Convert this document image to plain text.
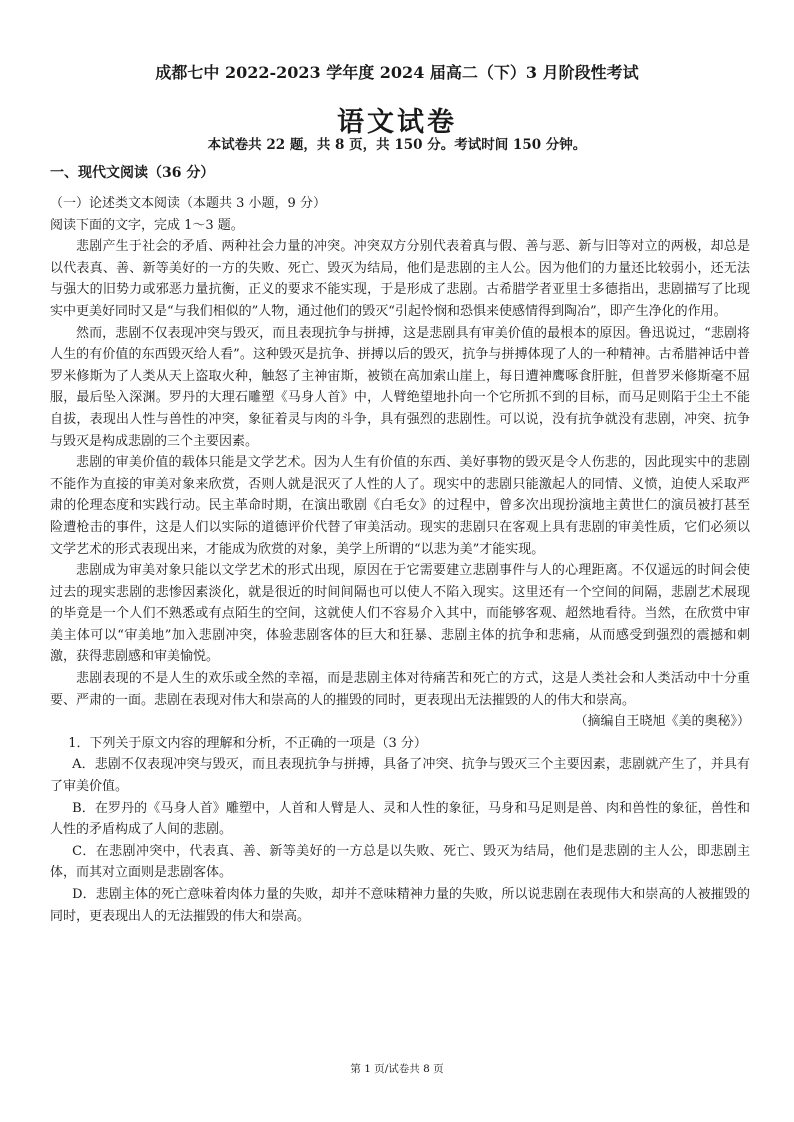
成都七中 2022-2023 学年度 2024 届高二（下）3 月阶段性考试
语文试卷
本试卷共 22 题，共 8 页，共 150 分。考试时间 150 分钟。
一、现代文阅读（36 分）

（一）论述类文本阅读（本题共 3 小题，9 分）

阅读下面的文字，完成 1～3 题。

悲剧产生于社会的矛盾、两种社会力量的冲突。冲突双方分别代表着真与假、善与恶、新与旧等对立的两极，却总是以代表真、善、新等美好的一方的失败、死亡、毁灭为结局，他们是悲剧的主人公。因为他们的力量还比较弱小，还无法与强大的旧势力或邪恶力量抗衡，正义的要求不能实现，于是形成了悲剧。古希腊学者亚里士多德指出，悲剧描写了比现实中更美好同时又是“与我们相似的”人物，通过他们的毁灭“引起怜悯和恐惧来使感情得到陶冶”，即产生净化的作用。

然而，悲剧不仅表现冲突与毁灭，而且表现抗争与拼搏，这是悲剧具有审美价值的最根本的原因。鲁迅说过，“悲剧将人生的有价值的东西毁灭给人看”。这种毁灭是抗争、拼搏以后的毁灭，抗争与拼搏体现了人的一种精神。古希腊神话中普罗米修斯为了人类从天上盗取火种，触怒了主神宙斯，被锁在高加索山崖上，每日遭神鹰啄食肝脏，但普罗米修斯毫不屈服，最后坠入深渊。罗丹的大理石雕塑《马身人首》中，人臂绝望地扑向一个它所抓不到的目标，而马足则陷于尘土不能自拔，表现出人性与兽性的冲突，象征着灵与肉的斗争，具有强烈的悲剧性。可以说，没有抗争就没有悲剧，冲突、抗争与毁灭是构成悲剧的三个主要因素。

悲剧的审美价值的载体只能是文学艺术。因为人生有价值的东西、美好事物的毁灭是令人伤悲的，因此现实中的悲剧不能作为直接的审美对象来欣赏，否则人就是泯灭了人性的人了。现实中的悲剧只能激起人的同情、义愤，迫使人采取严肃的伦理态度和实践行动。民主革命时期，在演出歌剧《白毛女》的过程中，曾多次出现扮演地主黄世仁的演员被打甚至险遭枪击的事件，这是人们以实际的道德评价代替了审美活动。现实的悲剧只在客观上具有悲剧的审美性质，它们必须以文学艺术的形式表现出来，才能成为欣赏的对象，美学上所谓的“以悲为美”才能实现。

悲剧成为审美对象只能以文学艺术的形式出现，原因在于它需要建立悲剧事件与人的心理距离。不仅遥远的时间会使过去的现实悲剧的悲惨因素淡化，就是很近的时间间隔也可以使人不陷入现实。这里还有一个空间的间隔，悲剧艺术展现的毕竟是一个人们不熟悉或有点陌生的空间，这就使人们不容易介入其中，而能够客观、超然地看待。当然，在欣赏中审美主体可以“审美地”加入悲剧冲突，体验悲剧客体的巨大和狂暴、悲剧主体的抗争和悲痛，从而感受到强烈的震撼和刺激，获得悲剧感和审美愉悦。

悲剧表现的不是人生的欢乐或全然的幸福，而是悲剧主体对待痛苦和死亡的方式，这是人类社会和人类活动中十分重要、严肃的一面。悲剧在表现对伟大和崇高的人的摧毁的同时，更表现出无法摧毁的人的伟大和崇高。

（摘编自王晓旭《美的奥秘》）

1．下列关于原文内容的理解和分析，不正确的一项是（3 分）

A．悲剧不仅表现冲突与毁灭，而且表现抗争与拼搏，具备了冲突、抗争与毁灭三个主要因素，悲剧就产生了，并具有了审美价值。

B．在罗丹的《马身人首》雕塑中，人首和人臂是人、灵和人性的象征，马身和马足则是兽、肉和兽性的象征，兽性和人性的矛盾构成了人间的悲剧。

C．在悲剧冲突中，代表真、善、新等美好的一方总是以失败、死亡、毁灭为结局，他们是悲剧的主人公，即悲剧主体，而其对立面则是悲剧客体。

D．悲剧主体的死亡意味着肉体力量的失败，却并不意味精神力量的失败，所以说悲剧在表现伟大和崇高的人被摧毁的同时，更表现出人的无法摧毁的伟大和崇高。

第 1 页/试卷共 8 页
